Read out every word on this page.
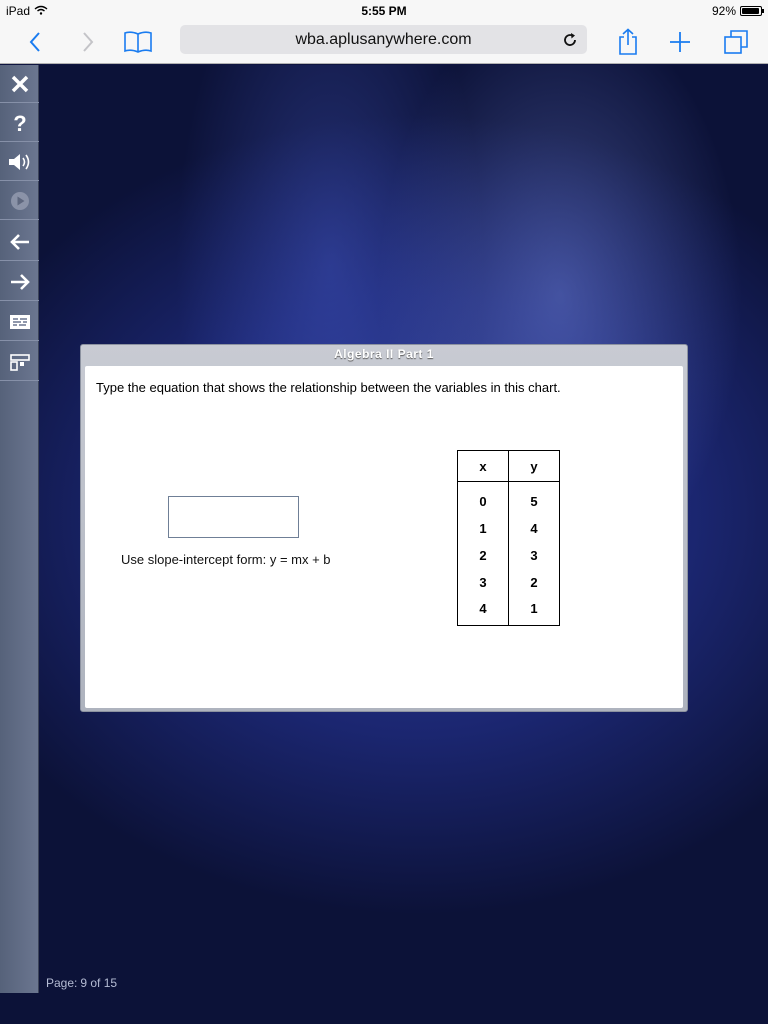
iPad	5:55 PM	92%
wba.aplusanywhere.com
?
Page: 9 of 15
Algebra II Part 1
Type the equation that shows the relationship between the variables in this chart.
Use slope-intercept form: y = mx + b
x	y
0	5
1	4
2	3
3	2
4	1
